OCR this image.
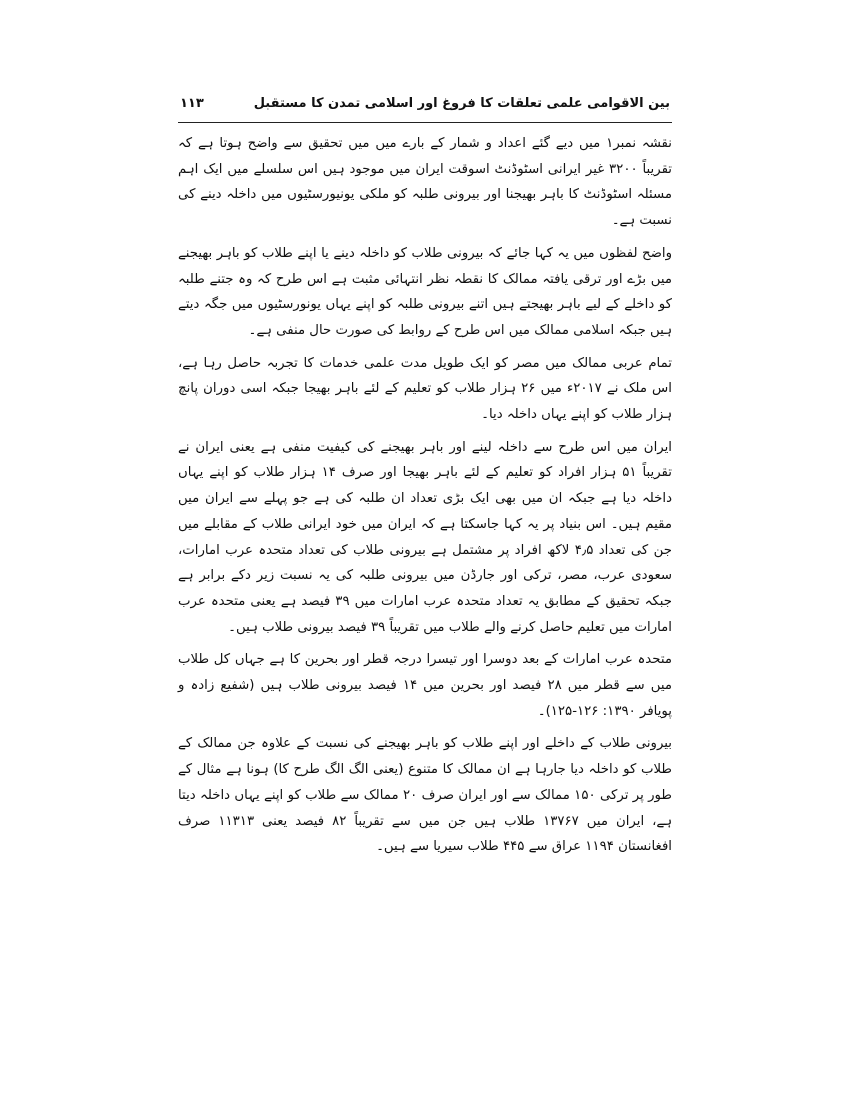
بین الاقوامی علمی تعلقات کا فروغ اور اسلامی تمدن کا مستقبل
۱۱۳

نقشہ نمبر۱ میں دیے گئے اعداد و شمار کے بارے میں میں تحقیق سے واضح ہوتا ہے کہ تقریباً ۳۲۰۰ غیر ایرانی اسٹوڈنٹ اسوقت ایران میں موجود ہیں اس سلسلے میں ایک اہم مسئلہ اسٹوڈنٹ کا باہر بھیجنا اور بیرونی طلبہ کو ملکی یونیورسٹیوں میں داخلہ دینے کی نسبت ہے۔

واضح لفظوں میں یہ کہا جائے کہ بیرونی طلاب کو داخلہ دینے یا اپنے طلاب کو باہر بھیجنے میں بڑے اور ترقی یافتہ ممالک کا نقطہ نظر انتہائی مثبت ہے اس طرح کہ وہ جتنے طلبہ کو داخلے کے لیے باہر بھیجتے ہیں اتنے بیرونی طلبہ کو اپنے یہاں یونورسٹیوں میں جگہ دیتے ہیں جبکہ اسلامی ممالک میں اس طرح کے روابط کی صورت حال منفی ہے۔

تمام عربی ممالک میں مصر کو ایک طویل مدت علمی خدمات کا تجربہ حاصل رہا ہے، اس ملک نے ۲۰۱۷ء میں ۲۶ ہزار طلاب کو تعلیم کے لئے باہر بھیجا جبکہ اسی دوران پانچ ہزار طلاب کو اپنے یہاں داخلہ دیا۔

ایران میں اس طرح سے داخلہ لینے اور باہر بھیجنے کی کیفیت منفی ہے یعنی ایران نے تقریباً ۵۱ ہزار افراد کو تعلیم کے لئے باہر بھیجا اور صرف ۱۴ ہزار طلاب کو اپنے یہاں داخلہ دیا ہے جبکہ ان میں بھی ایک بڑی تعداد ان طلبہ کی ہے جو پہلے سے ایران میں مقیم ہیں۔ اس بنیاد پر یہ کہا جاسکتا ہے کہ ایران میں خود ایرانی طلاب کے مقابلے میں جن کی تعداد ۴٫۵ لاکھ افراد پر مشتمل ہے بیرونی طلاب کی تعداد متحدہ عرب امارات، سعودی عرب، مصر، ترکی اور جارڈن میں بیرونی طلبہ کی یہ نسبت زیر دکے برابر ہے جبکہ تحقیق کے مطابق یہ تعداد متحدہ عرب امارات میں ۳۹ فیصد ہے یعنی متحدہ عرب امارات میں تعلیم حاصل کرنے والے طلاب میں تقریباً ۳۹ فیصد بیرونی طلاب ہیں۔

متحدہ عرب امارات کے بعد دوسرا اور تیسرا درجہ قطر اور بحرین کا ہے جہاں کل طلاب میں سے قطر میں ۲۸ فیصد اور بحرین میں ۱۴ فیصد بیرونی طلاب ہیں (شفیع زادہ و پویافر ۱۳۹۰: ۱۲۶-۱۲۵)۔

بیرونی طلاب کے داخلے اور اپنے طلاب کو باہر بھیجنے کی نسبت کے علاوہ جن ممالک کے طلاب کو داخلہ دیا جارہا ہے ان ممالک کا متنوع (یعنی الگ الگ طرح کا) ہونا ہے مثال کے طور پر ترکی ۱۵۰ ممالک سے اور ایران صرف ۲۰ ممالک سے طلاب کو اپنے یہاں داخلہ دیتا ہے، ایران میں ۱۳۷۶۷ طلاب ہیں جن میں سے تقریباً ۸۲ فیصد یعنی ۱۱۳۱۳ صرف افغانستان ۱۱۹۴ عراق سے ۴۴۵ طلاب سیریا سے ہیں۔
